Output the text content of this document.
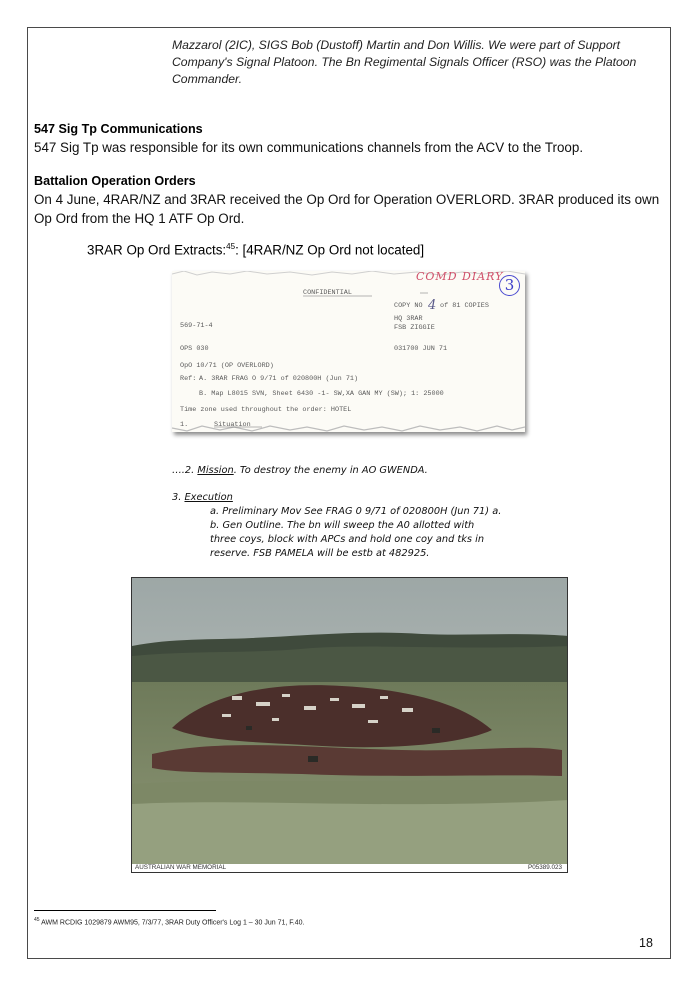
Mazzarol (2IC), SIGS Bob (Dustoff) Martin and Don Willis. We were part of Support Company's Signal Platoon. The Bn Regimental Signals Officer (RSO) was the Platoon Commander.
547 Sig Tp Communications
547 Sig Tp was responsible for its own communications channels from the ACV to the Troop.
Battalion Operation Orders
On 4 June, 4RAR/NZ and 3RAR received the Op Ord for Operation OVERLORD. 3RAR produced its own Op Ord from the HQ 1 ATF Op Ord.
3RAR Op Ord Extracts:$^{45}$: [4RAR/NZ Op Ord not located]
CONFIDENTIAL
COPY NO 4 of 81 COPIES
569-71-4
HQ 3RAR
FSB ZIGGIE
OPS 030	031700 JUN 71
OpO 10/71 (OP OVERLORD)
Ref: A. 3RAR FRAG O 9/71 of 020800H (Jun 71)
B. Map L8015 SVN, Sheet 6430 -1- SW,XA GAN MY (SW); 1: 25000
Time zone used throughout the order: HOTEL
1.	Situation
COMD DIARY 3
….2. Mission. To destroy the enemy in AO GWENDA.
3. Execution
a. Preliminary Mov See FRAG 0 9/71 of 020800H (Jun 71) a.
b. Gen Outline. The bn will sweep the A0 allotted with
three coys, block with APCs and hold one coy and tks in
reserve. FSB PAMELA will be estb at 482925.
AUSTRALIAN WAR MEMORIAL	P05389.023
$^{45}$ AWM RCDIG 1029879 AWM95, 7/3/77, 3RAR Duty Officer's Log 1 – 30 Jun 71, F.40.
18
